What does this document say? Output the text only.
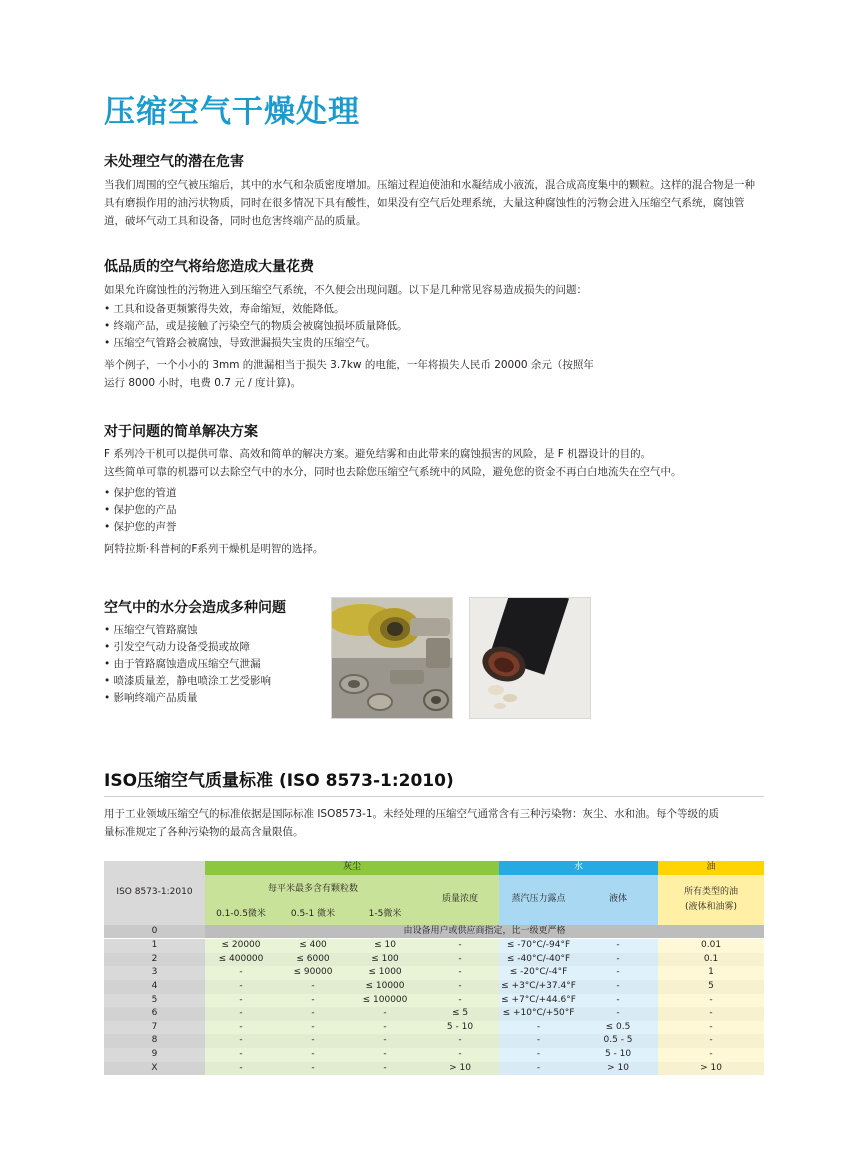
压缩空气干燥处理
未处理空气的潜在危害
当我们周围的空气被压缩后，其中的水气和杂质密度增加。压缩过程迫使油和水凝结成小液流，混合成高度集中的颗粒。这样的混合物是一种具有磨损作用的油污状物质，同时在很多情况下具有酸性，如果没有空气后处理系统，大量这种腐蚀性的污物会进入压缩空气系统，腐蚀管道，破坏气动工具和设备，同时也危害终端产品的质量。
低品质的空气将给您造成大量花费
如果允许腐蚀性的污物进入到压缩空气系统，不久便会出现问题。以下是几种常见容易造成损失的问题：
• 工具和设备更频繁得失效，寿命缩短，效能降低。
• 终端产品，或是接触了污染空气的物质会被腐蚀损坏质量降低。
• 压缩空气管路会被腐蚀，导致泄漏损失宝贵的压缩空气。
举个例子，一个小小的 3mm 的泄漏相当于损失 3.7kw 的电能，一年将损失人民币 20000 余元（按照年
运行 8000 小时，电费 0.7 元 / 度计算)。
对于问题的简单解决方案
F 系列冷干机可以提供可靠、高效和简单的解决方案。避免结雾和由此带来的腐蚀损害的风险，是 F 机器设计的目的。
这些简单可靠的机器可以去除空气中的水分，同时也去除您压缩空气系统中的风险，避免您的资金不再白白地流失在空气中。
• 保护您的管道
• 保护您的产品
• 保护您的声誉
阿特拉斯·科普柯的F系列干燥机是明智的选择。
空气中的水分会造成多种问题
• 压缩空气管路腐蚀
• 引发空气动力设备受损或故障
• 由于管路腐蚀造成压缩空气泄漏
• 喷漆质量差，静电喷涂工艺受影响
• 影响终端产品质量
ISO压缩空气质量标准 (ISO 8573-1:2010)
用于工业领域压缩空气的标准依据是国际标准 ISO8573-1。未经处理的压缩空气通常含有三种污染物：灰尘、水和油。每个等级的质
量标准规定了各种污染物的最高含量限值。
ISO 8573-1:2010	灰尘				水		油
	每平米最多含有颗粒数			质量浓度	蒸汽压力露点	液体	所有类型的油
(液体和油雾)

	0.1-0.5微米	0.5-1 微米	1-5微米				
0	由设备用户或供应商指定，比一级更严格						
1	≤ 20000	≤ 400	≤ 10	-	≤ -70°C/-94°F	-	0.01
2	≤ 400000	≤ 6000	≤ 100	-	≤ -40°C/-40°F	-	0.1
3	-	≤ 90000	≤ 1000	-	≤ -20°C/-4°F	-	1
4	-	-	≤ 10000	-	≤ +3°C/+37.4°F	-	5
5	-	-	≤ 100000	-	≤ +7°C/+44.6°F	-	-
6	-	-	-	≤ 5	≤ +10°C/+50°F	-	-
7	-	-	-	5 - 10	-	≤ 0.5	-
8	-	-	-	-	-	0.5 - 5	-
9	-	-	-	-	-	5 - 10	-
X	-	-	-	> 10	-	> 10	> 10
